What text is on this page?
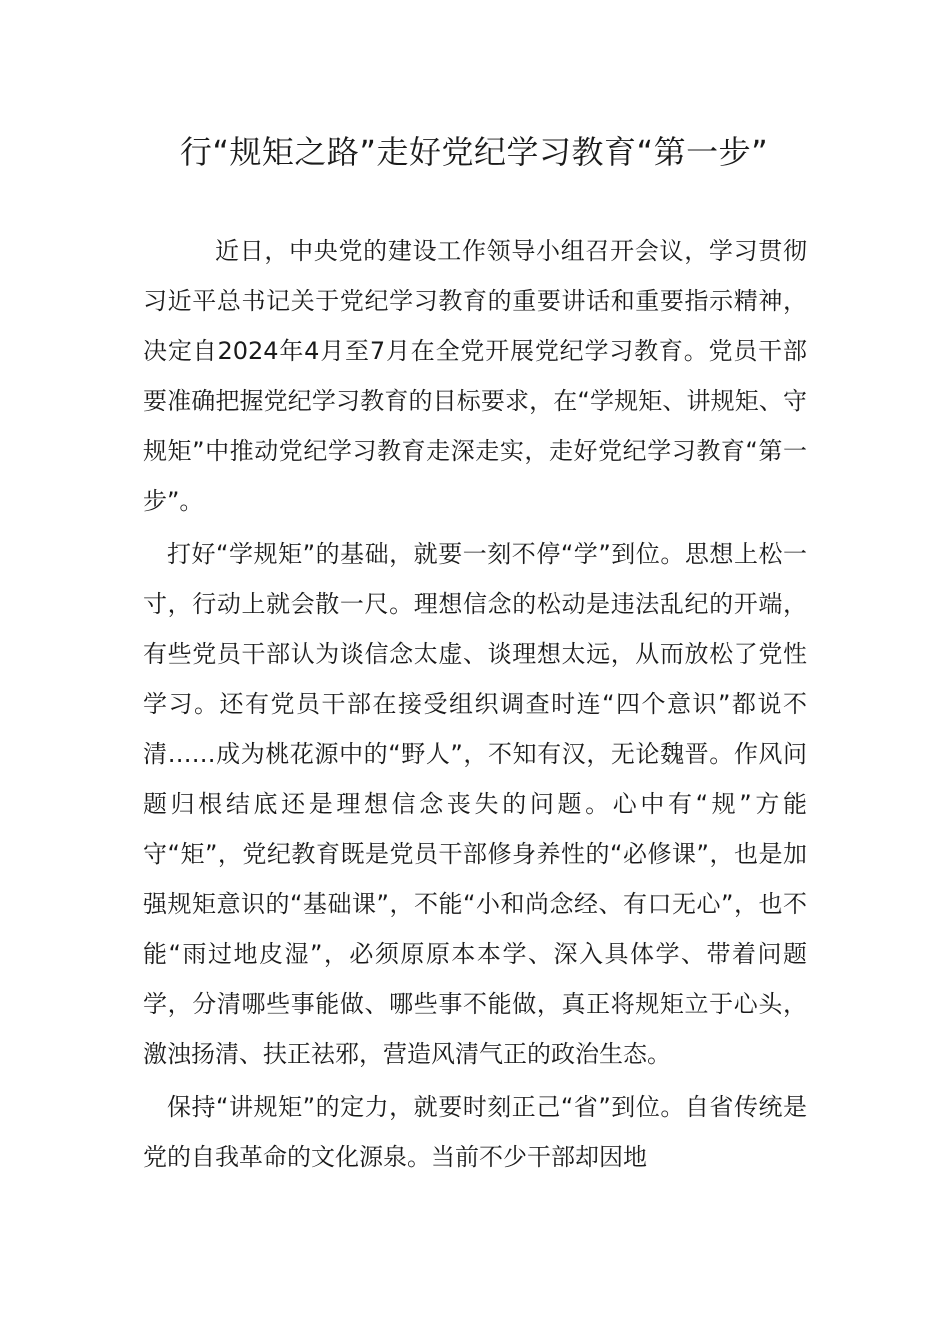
行“规矩之路”走好党纪学习教育“第一步”

近日，中央党的建设工作领导小组召开会议，学习贯彻习近平总书记关于党纪学习教育的重要讲话和重要指示精神，决定自2024年4月至7月在全党开展党纪学习教育。党员干部要准确把握党纪学习教育的目标要求，在“学规矩、讲规矩、守规矩”中推动党纪学习教育走深走实，走好党纪学习教育“第一步”。

打好“学规矩”的基础，就要一刻不停“学”到位。思想上松一寸，行动上就会散一尺。理想信念的松动是违法乱纪的开端，有些党员干部认为谈信念太虚、谈理想太远，从而放松了党性学习。还有党员干部在接受组织调查时连“四个意识”都说不清……成为桃花源中的“野人”，不知有汉，无论魏晋。作风问题归根结底还是理想信念丧失的问题。心中有“规”方能守“矩”，党纪教育既是党员干部修身养性的“必修课”，也是加强规矩意识的“基础课”，不能“小和尚念经、有口无心”，也不能“雨过地皮湿”，必须原原本本学、深入具体学、带着问题学，分清哪些事能做、哪些事不能做，真正将规矩立于心头，激浊扬清、扶正祛邪，营造风清气正的政治生态。

保持“讲规矩”的定力，就要时刻正己“省”到位。自省传统是党的自我革命的文化源泉。当前不少干部却因地
